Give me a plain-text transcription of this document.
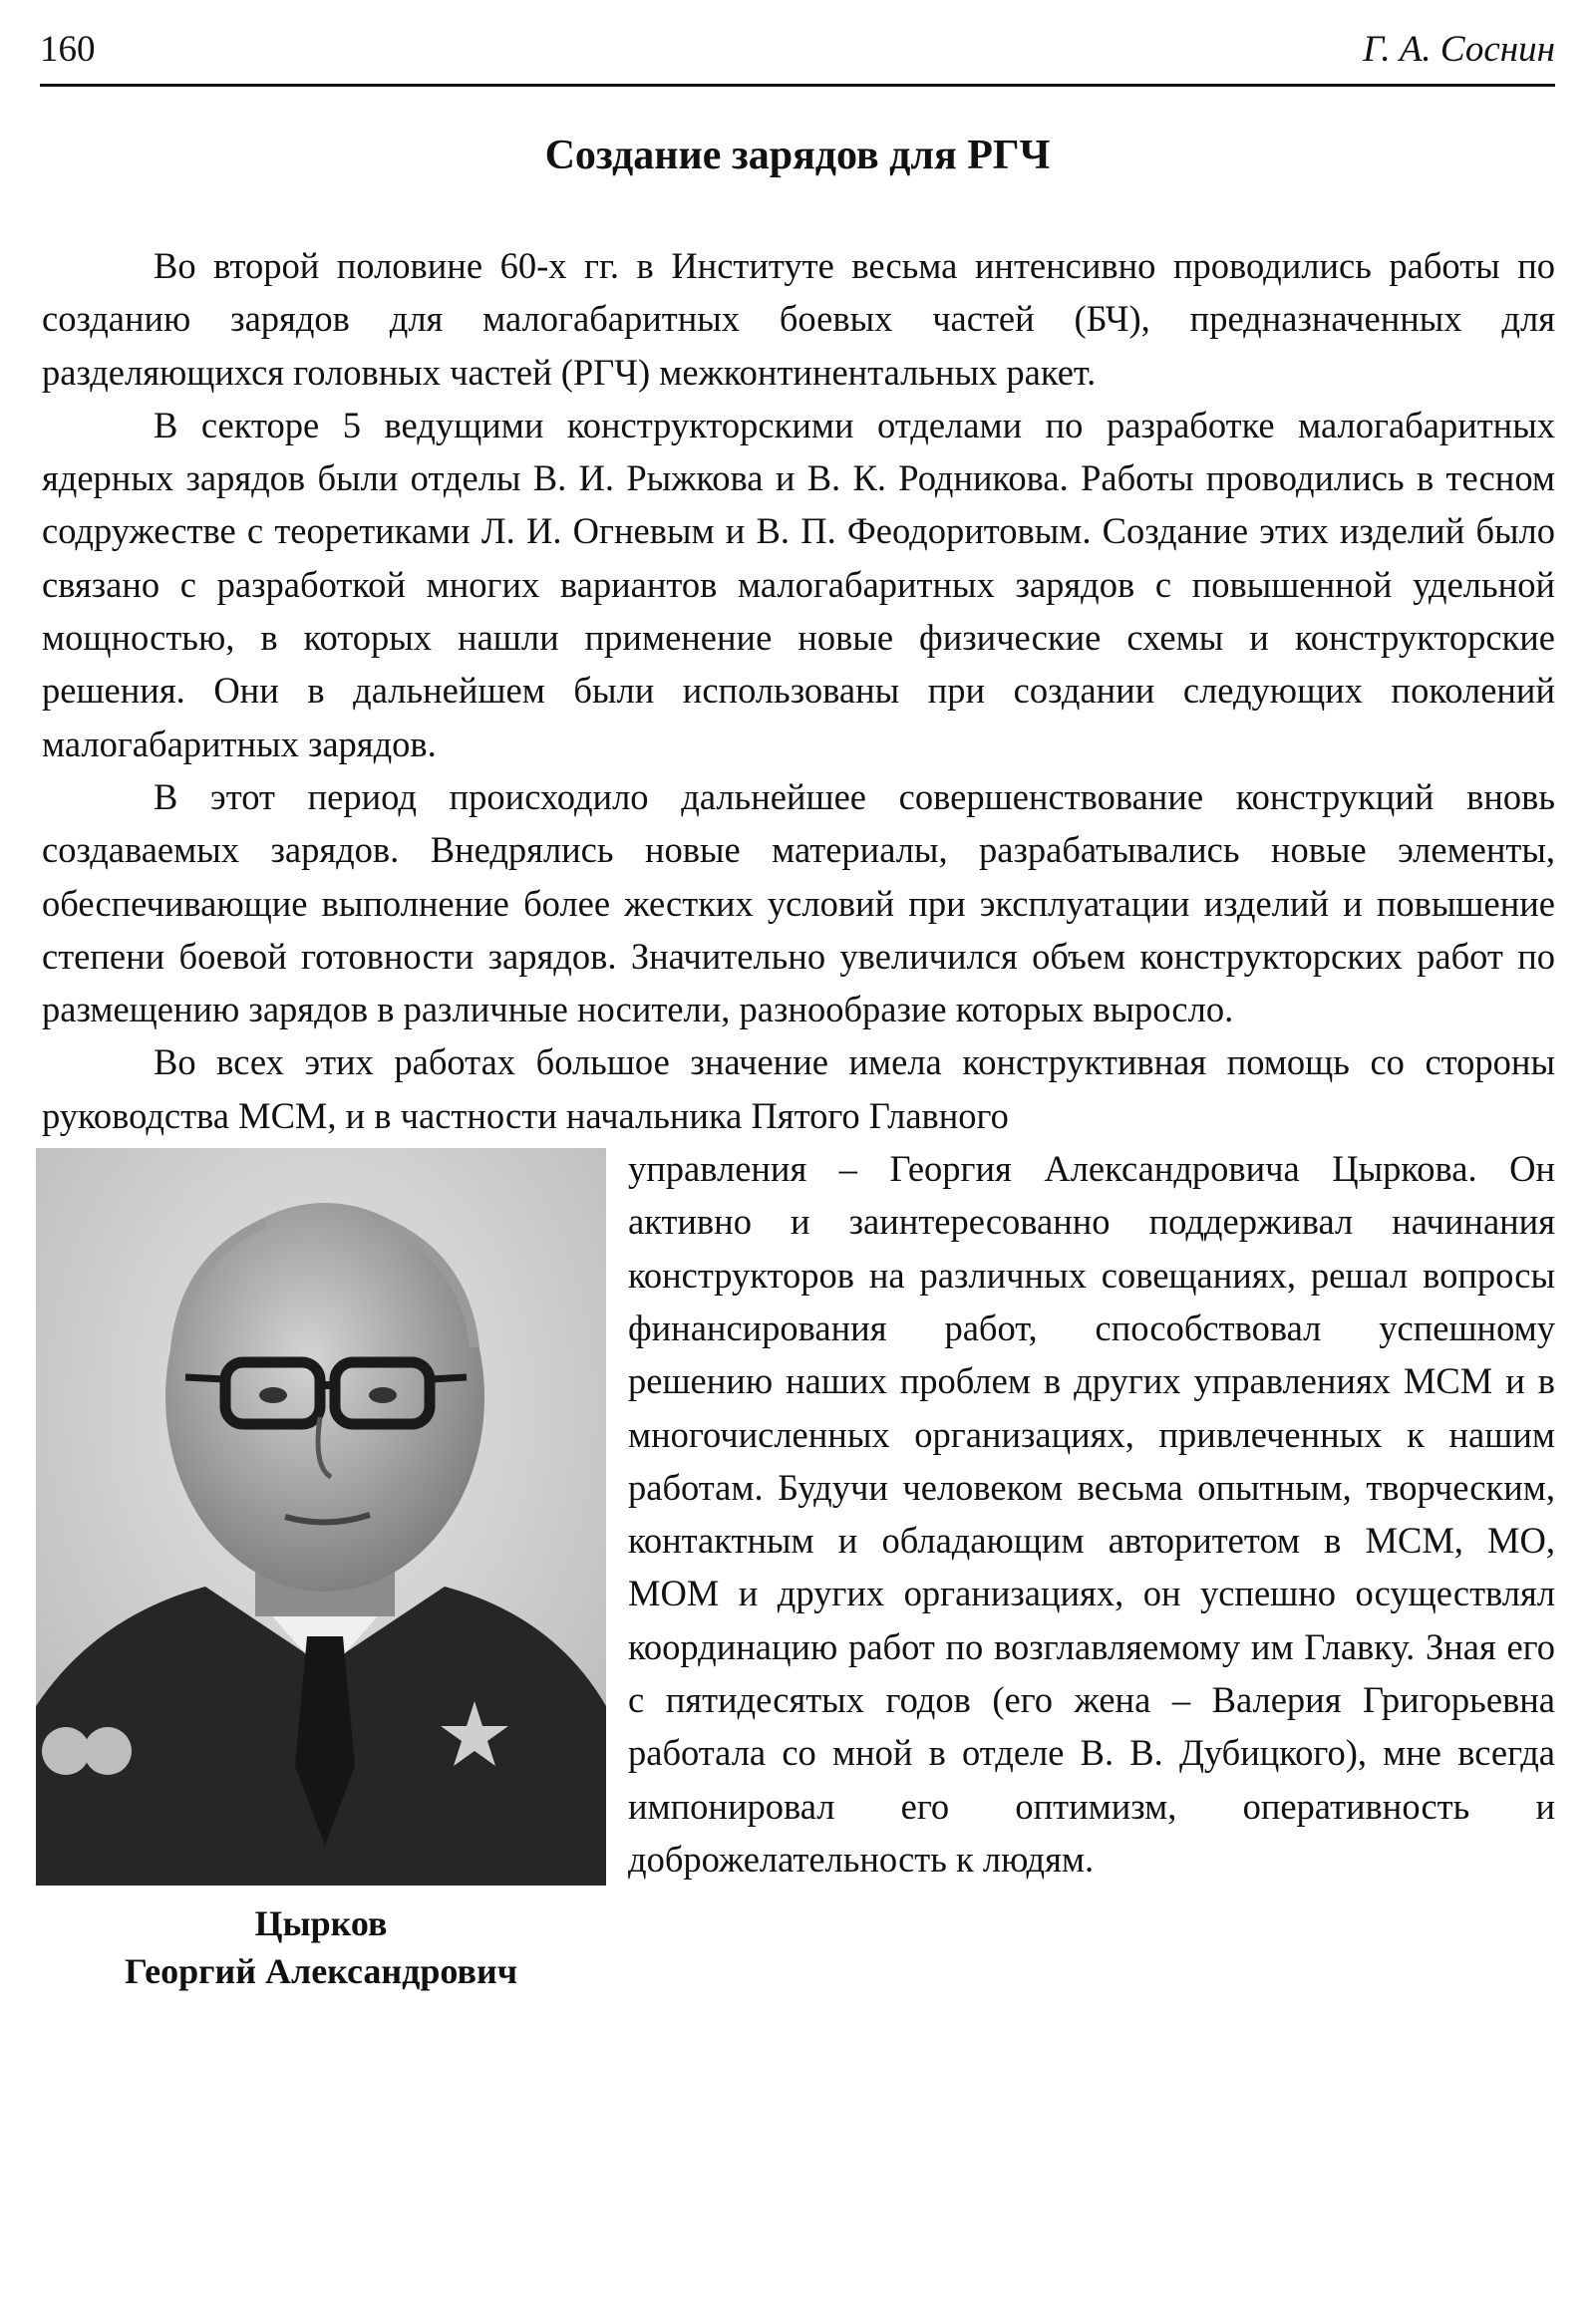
160	Г. А. Соснин
Создание зарядов для РГЧ

Во второй половине 60-х гг. в Институте весьма интенсивно проводились работы по созданию зарядов для малогабаритных боевых частей (БЧ), предназначенных для разделяющихся головных частей (РГЧ) межконтинентальных ракет.

В секторе 5 ведущими конструкторскими отделами по разработке малогабаритных ядерных зарядов были отделы В. И. Рыжкова и В. К. Родникова. Работы проводились в тесном содружестве с теоретиками Л. И. Огневым и В. П. Феодоритовым. Создание этих изделий было связано с разработкой многих вариантов малогабаритных зарядов с повышенной удельной мощностью, в которых нашли применение новые физические схемы и конструкторские решения. Они в дальнейшем были использованы при создании следующих поколений малогабаритных зарядов.

В этот период происходило дальнейшее совершенствование конструкций вновь создаваемых зарядов. Внедрялись новые материалы, разрабатывались новые элементы, обеспечивающие выполнение более жестких условий при эксплуатации изделий и повышение степени боевой готовности зарядов. Значительно увеличился объем конструкторских работ по размещению зарядов в различные носители, разнообразие которых выросло.

Во всех этих работах большое значение имела конструктивная помощь со стороны руководства МСМ, и в частности начальника Пятого Главного

Цырков
Георгий Александрович

управления – Георгия Александровича Цыркова. Он активно и заинтересованно поддерживал начинания конструкторов на различных совещаниях, решал вопросы финансирования работ, способствовал успешному решению наших проблем в других управлениях МСМ и в многочисленных организациях, привлеченных к нашим работам. Будучи человеком весьма опытным, творческим, контактным и обладающим авторитетом в МСМ, МО, МОМ и других организациях, он успешно осуществлял координацию работ по возглавляемому им Главку. Зная его с пятидесятых годов (его жена – Валерия Григорьевна работала со мной в отделе В. В. Дубицкого), мне всегда импонировал его оптимизм, оперативность и доброжелательность к людям.
